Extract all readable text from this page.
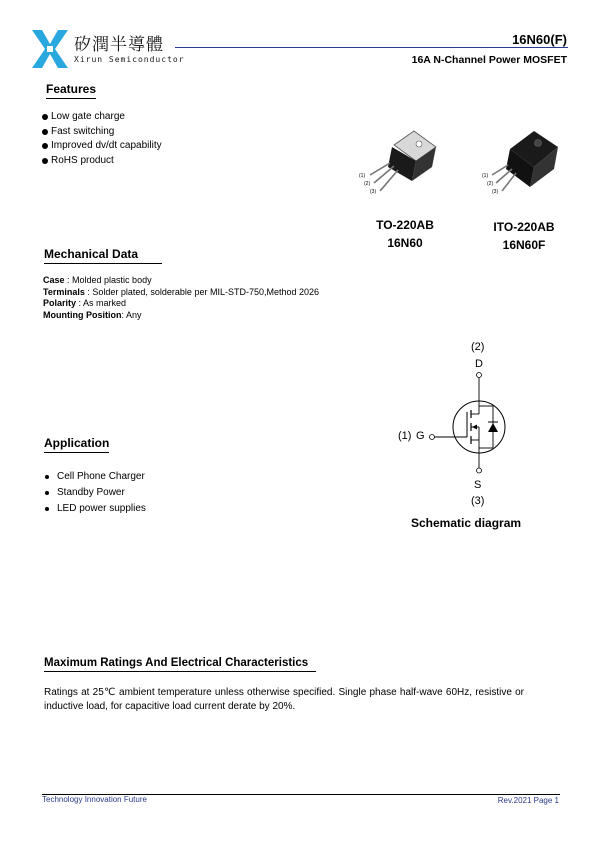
矽潤半導體
Xirun Semiconductor
16N60(F)
16A N-Channel Power MOSFET
Features
Low gate charge
Fast switching
Improved dv/dt capability
RoHS product
(1)
(2)
(3)
(1)
(2)
(3)
TO-220AB
16N60
ITO-220AB
16N60F
Mechanical Data
Case : Molded plastic body
Terminals : Solder plated, solderable per MIL-STD-750,Method 2026
Polarity : As marked
Mounting Position: Any
(2)
D
(1) G
S
(3)
Schematic diagram
Application
Cell Phone Charger
Standby Power
LED power supplies
Maximum Ratings And Electrical Characteristics
Ratings at 25℃ ambient temperature unless otherwise specified. Single phase half-wave 60Hz, resistive or inductive load, for capacitive load current derate by 20%.
Technology Innovation Future	Rev.2021 Page 1
